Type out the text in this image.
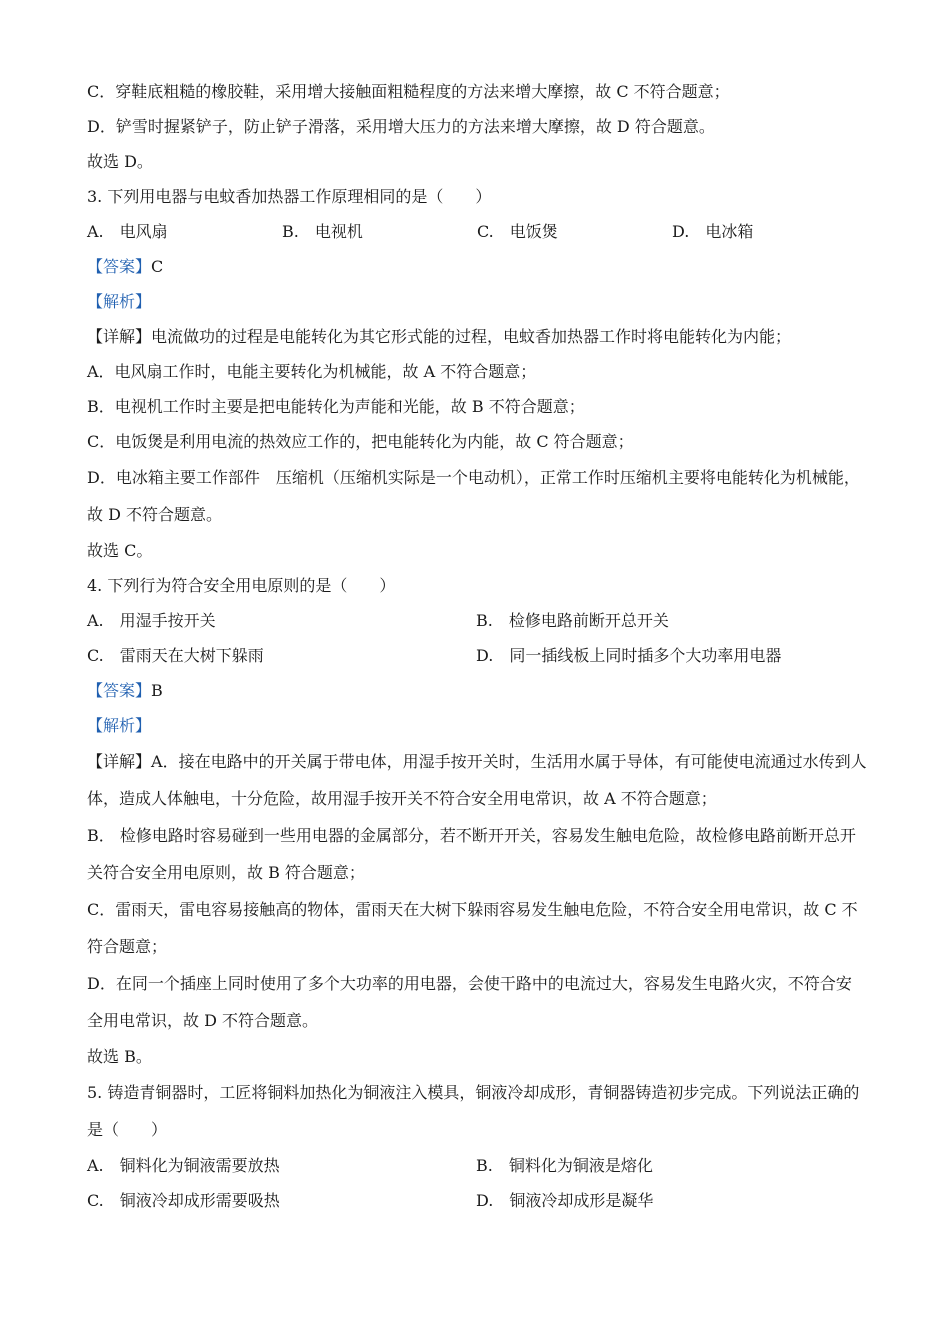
C．穿鞋底粗糙的橡胶鞋，采用增大接触面粗糙程度的方法来增大摩擦，故 C 不符合题意；
D．铲雪时握紧铲子，防止铲子滑落，采用增大压力的方法来增大摩擦，故 D 符合题意。
故选 D。
3. 下列用电器与电蚊香加热器工作原理相同的是（　　）
A.　电风扇	B.　电视机	C.　电饭煲	D.　电冰箱
【答案】C
【解析】
【详解】电流做功的过程是电能转化为其它形式能的过程，电蚊香加热器工作时将电能转化为内能；
A．电风扇工作时，电能主要转化为机械能，故 A 不符合题意；
B．电视机工作时主要是把电能转化为声能和光能，故 B 不符合题意；
C．电饭煲是利用电流的热效应工作的，把电能转化为内能，故 C 符合题意；
D．电冰箱主要工作部件　压缩机（压缩机实际是一个电动机），正常工作时压缩机主要将电能转化为机械能，故 D 不符合题意。
故选 C。
4. 下列行为符合安全用电原则的是（　　）
A.　用湿手按开关	B.　检修电路前断开总开关
C.　雷雨天在大树下躲雨	D.　同一插线板上同时插多个大功率用电器
【答案】B
【解析】
【详解】A．接在电路中的开关属于带电体，用湿手按开关时，生活用水属于导体，有可能使电流通过水传到人体，造成人体触电，十分危险，故用湿手按开关不符合安全用电常识，故 A 不符合题意；
B． 检修电路时容易碰到一些用电器的金属部分，若不断开开关，容易发生触电危险，故检修电路前断开总开关符合安全用电原则，故 B 符合题意；
C．雷雨天，雷电容易接触高的物体，雷雨天在大树下躲雨容易发生触电危险，不符合安全用电常识，故 C 不符合题意；
D．在同一个插座上同时使用了多个大功率的用电器，会使干路中的电流过大，容易发生电路火灾，不符合安全用电常识，故 D 不符合题意。
故选 B。
5. 铸造青铜器时，工匠将铜料加热化为铜液注入模具，铜液冷却成形，青铜器铸造初步完成。下列说法正确的是（　　）
A.　铜料化为铜液需要放热	B.　铜料化为铜液是熔化
C.　铜液冷却成形需要吸热	D.　铜液冷却成形是凝华
